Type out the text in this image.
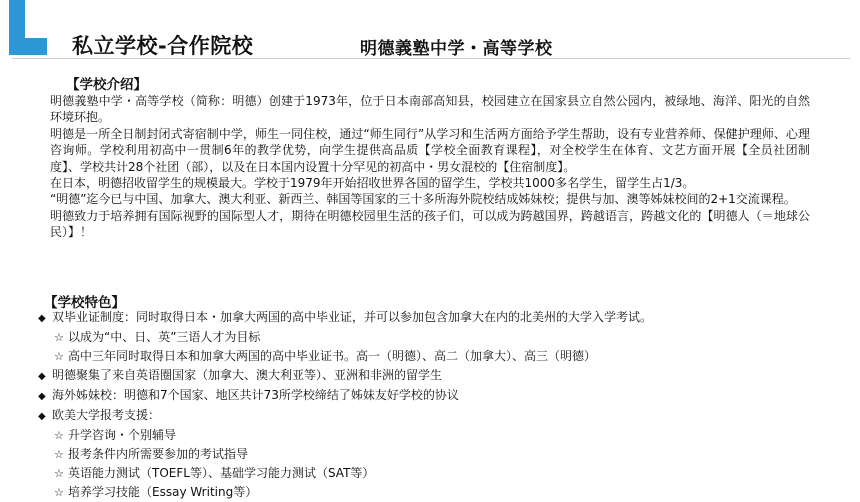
私立学校-合作院校	明德義塾中学・高等学校
【学校介绍】

明德義塾中学・高等学校（简称：明德）创建于1973年，位于日本南部高知县，校园建立在国家县立自然公园内，被绿地、海洋、阳光的自然环境环抱。

明德是一所全日制封闭式寄宿制中学，师生一同住校，通过“师生同行”从学习和生活两方面给予学生帮助，设有专业营养师、保健护理师、心理咨询师。学校利用初高中一贯制6年的教学优势，向学生提供高品质【学校全面教育课程】，对全校学生在体育、文艺方面开展【全员社团制度】、学校共计28个社团（部），以及在日本国内设置十分罕见的初高中・男女混校的【住宿制度】。

在日本，明德招收留学生的规模最大。学校于1979年开始招收世界各国的留学生，学校共1000多名学生，留学生占1/3。

“明德”迄今已与中国、加拿大、澳大利亚、新西兰、韩国等国家的三十多所海外院校结成姊妹校；提供与加、澳等姊妹校间的2+1交流课程。

明德致力于培养拥有国际视野的国际型人才，期待在明德校园里生活的孩子们，可以成为跨越国界，跨越语言，跨越文化的【明德人（＝地球公民）】！

【学校特色】
◆ 双毕业证制度：同时取得日本・加拿大两国的高中毕业证，并可以参加包含加拿大在内的北美州的大学入学考试。
☆ 以成为“中、日、英”三语人才为目标
☆ 高中三年同时取得日本和加拿大两国的高中毕业证书。高一（明德）、高二（加拿大）、高三（明德）
◆ 明德聚集了来自英语圈国家（加拿大、澳大利亚等）、亚洲和非洲的留学生
◆ 海外姊妹校：明德和7个国家、地区共计73所学校缔结了姊妹友好学校的协议
◆ 欧美大学报考支援：
☆ 升学咨询・个别辅导
☆ 报考条件内所需要参加的考试指导
☆ 英语能力测试（TOEFL等）、基础学习能力测试（SAT等）
☆ 培养学习技能（Essay Writing等）
